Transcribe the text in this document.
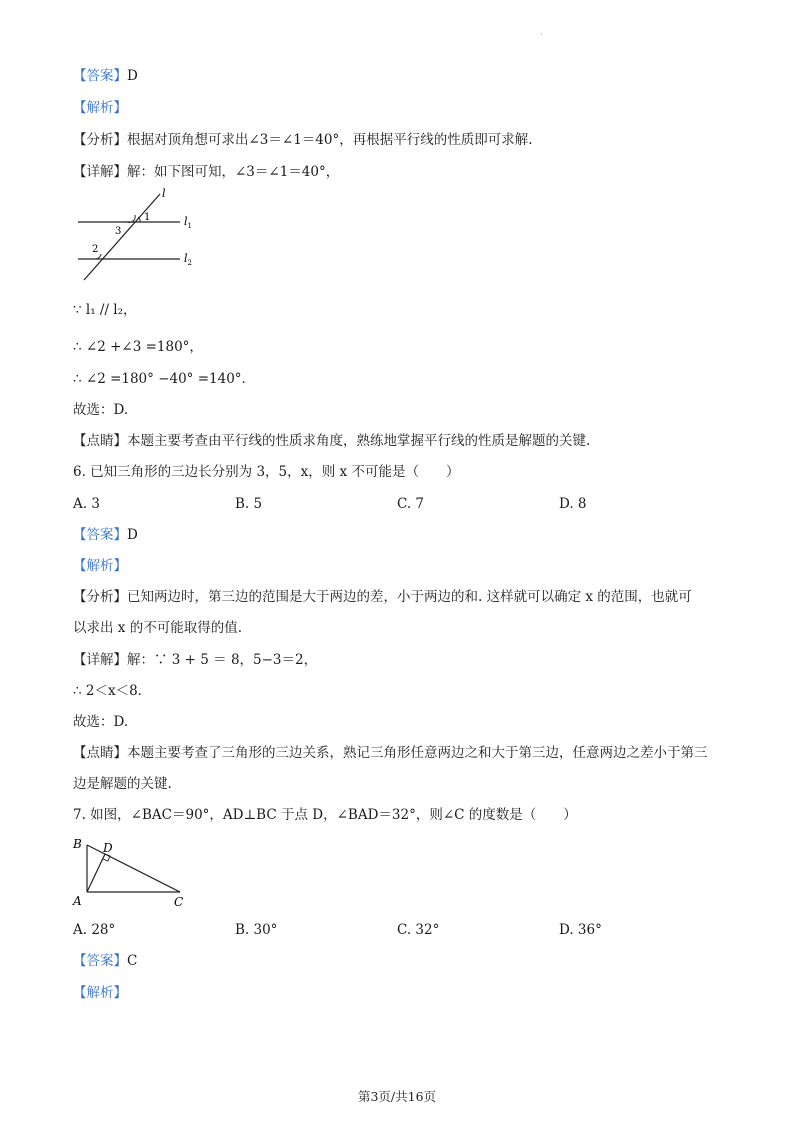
·
【答案】D
【解析】
【分析】根据对顶角想可求出∠3＝∠1＝40°，再根据平行线的性质即可求解.
【详解】解：如下图可知，∠3＝∠1＝40°，
l
$l_1$
$l_2$
1
3
2
∵ l₁ // l₂，
∴ ∠2 +∠3 =180°，
∴ ∠2 =180° −40° =140°．
故选：D.
【点睛】本题主要考查由平行线的性质求角度，熟练地掌握平行线的性质是解题的关键.
6. 已知三角形的三边长分别为 3，5，x，则 x 不可能是（　　）
A. 3	B. 5	C. 7	D. 8
【答案】D
【解析】
【分析】已知两边时，第三边的范围是大于两边的差，小于两边的和. 这样就可以确定 x 的范围，也就可
以求出 x 的不可能取得的值.
【详解】解：∵ 3 + 5 ＝ 8，5−3＝2，
∴ 2＜x＜8．
故选：D.
【点睛】本题主要考查了三角形的三边关系，熟记三角形任意两边之和大于第三边，任意两边之差小于第三
边是解题的关键.
7. 如图，∠BAC＝90°，AD⊥BC 于点 D，∠BAD＝32°，则∠C 的度数是（　　）
B D
A	C
A. 28°	B. 30°	C. 32°	D. 36°
【答案】C
【解析】
第3页/共16页
